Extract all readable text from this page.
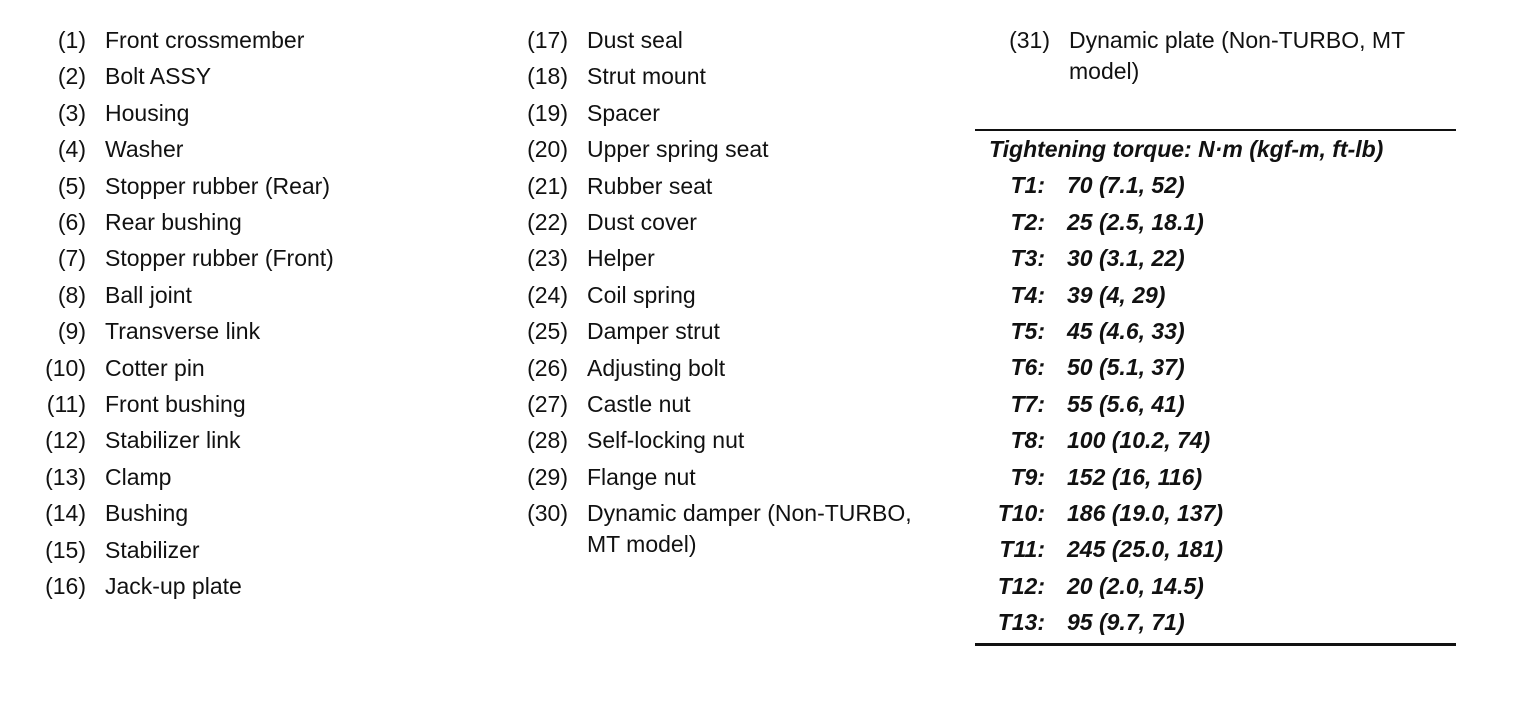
(1) Front crossmember
(2) Bolt ASSY
(3) Housing
(4) Washer
(5) Stopper rubber (Rear)
(6) Rear bushing
(7) Stopper rubber (Front)
(8) Ball joint
(9) Transverse link
(10) Cotter pin
(11) Front bushing
(12) Stabilizer link
(13) Clamp
(14) Bushing
(15) Stabilizer
(16) Jack-up plate
(17) Dust seal
(18) Strut mount
(19) Spacer
(20) Upper spring seat
(21) Rubber seat
(22) Dust cover
(23) Helper
(24) Coil spring
(25) Damper strut
(26) Adjusting bolt
(27) Castle nut
(28) Self-locking nut
(29) Flange nut
(30) Dynamic damper (Non-TURBO, MT model)
(31) Dynamic plate (Non-TURBO, MT model)
Tightening torque: N·m (kgf-m, ft-lb)
T1: 70 (7.1, 52)
T2: 25 (2.5, 18.1)
T3: 30 (3.1, 22)
T4: 39 (4, 29)
T5: 45 (4.6, 33)
T6: 50 (5.1, 37)
T7: 55 (5.6, 41)
T8: 100 (10.2, 74)
T9: 152 (16, 116)
T10: 186 (19.0, 137)
T11: 245 (25.0, 181)
T12: 20 (2.0, 14.5)
T13: 95 (9.7, 71)
